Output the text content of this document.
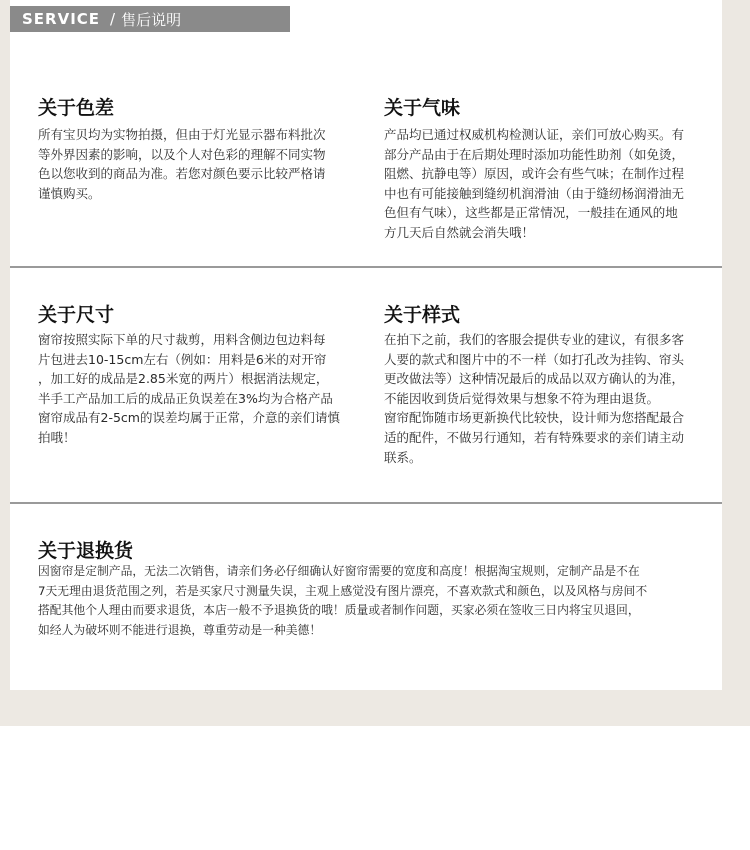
SERVICE / 售后说明
关于色差
所有宝贝均为实物拍摄，但由于灯光显示器布料批次
等外界因素的影响，以及个人对色彩的理解不同实物
色以您收到的商品为准。若您对颜色要示比较严格请
谨慎购买。
关于气味
产品均已通过权威机构检测认证，亲们可放心购买。有
部分产品由于在后期处理时添加功能性助剂（如免烫，
阻燃、抗静电等）原因，或许会有些气味；在制作过程
中也有可能接触到缝纫机润滑油（由于缝纫杨润滑油无
色但有气味），这些都是正常情况，一般挂在通风的地
方几天后自然就会消失哦！
关于尺寸
窗帘按照实际下单的尺寸裁剪，用料含侧边包边料每
片包进去10-15cm左右（例如：用料是6米的对开帘
，加工好的成品是2.85米宽的两片）根据消法规定，
半手工产品加工后的成品正负误差在3%均为合格产品
窗帘成品有2-5cm的误差均属于正常，介意的亲们请慎
拍哦！
关于样式
在拍下之前，我们的客服会提供专业的建议，有很多客
人要的款式和图片中的不一样（如打孔改为挂钩、帘头
更改做法等）这种情况最后的成品以双方确认的为准，
不能因收到货后觉得效果与想象不符为理由退货。
窗帘配饰随市场更新换代比较快，设计师为您搭配最合
适的配件，不做另行通知，若有特殊要求的亲们请主动
联系。
关于退换货
因窗帘是定制产品，无法二次销售，请亲们务必仔细确认好窗帘需要的宽度和高度！根据淘宝规则，定制产品是不在
7天无理由退货范围之列，若是买家尺寸测量失误，主观上感觉没有图片漂亮，不喜欢款式和颜色，以及风格与房间不
搭配其他个人理由而要求退货，本店一般不予退换货的哦！质量或者制作问题，买家必须在签收三日内将宝贝退回，
如经人为破坏则不能进行退换，尊重劳动是一种美德！
